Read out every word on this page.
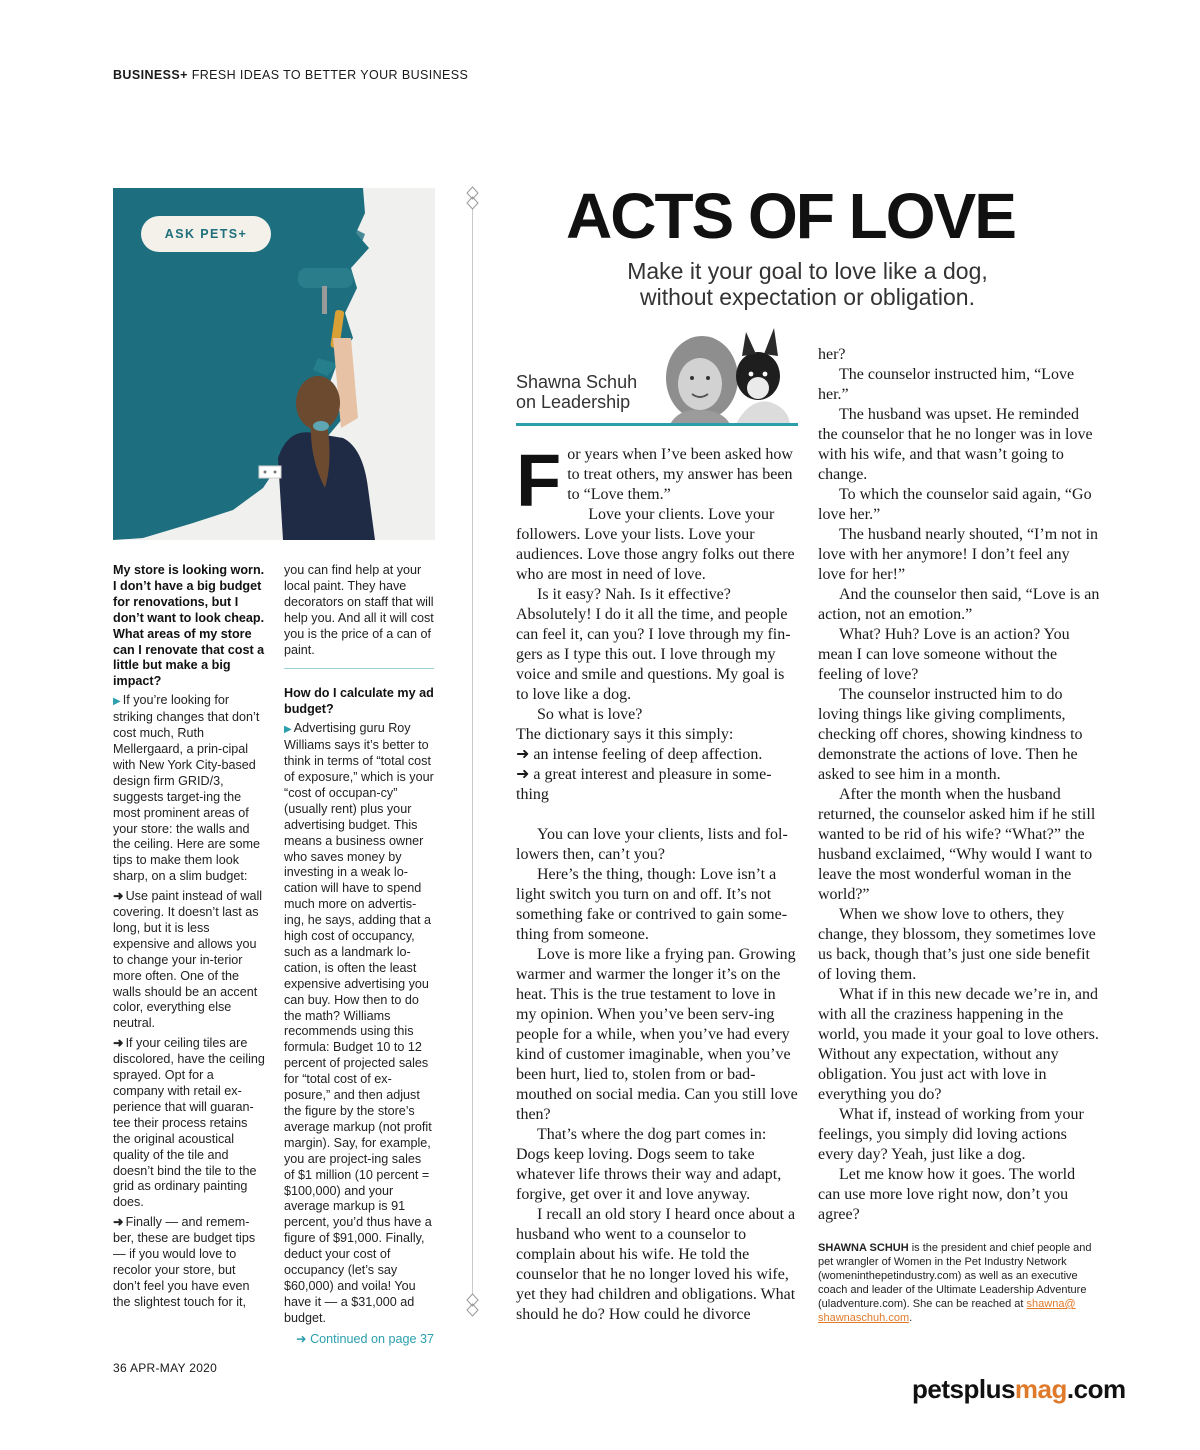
BUSINESS+ FRESH IDEAS TO BETTER YOUR BUSINESS
ASK PETS+

My store is looking worn. I don’t have a big budget for renovations, but I don’t want to look cheap. What areas of my store can I renovate that cost a little but make a big impact?

▶ If you’re looking for striking changes that don’t cost much, Ruth Mellergaard, a prin-cipal with New York City-based design firm GRID/3, suggests target-ing the most prominent areas of your store: the walls and the ceiling. Here are some tips to make them look sharp, on a slim budget:

➜ Use paint instead of wall covering. It doesn’t last as long, but it is less expensive and allows you to change your in-terior more often. One of the walls should be an accent color, everything else neutral.

➜ If your ceiling tiles are discolored, have the ceiling sprayed. Opt for a company with retail ex-perience that will guaran-tee their process retains the original acoustical quality of the tile and doesn’t bind the tile to the grid as ordinary painting does.

➜ Finally — and remem-ber, these are budget tips — if you would love to recolor your store, but don’t feel you have even the slightest touch for it,

you can find help at your local paint. They have decorators on staff that will help you. And all it will cost you is the price of a can of paint.

How do I calculate my ad budget?

▶ Advertising guru Roy Williams says it’s better to think in terms of “total cost of exposure,” which is your “cost of occupan-cy” (usually rent) plus your advertising budget. This means a business owner who saves money by investing in a weak lo-cation will have to spend much more on advertis-ing, he says, adding that a high cost of occupancy, such as a landmark lo-cation, is often the least expensive advertising you can buy. How then to do the math? Williams recommends using this formula: Budget 10 to 12 percent of projected sales for “total cost of ex-posure,” and then adjust the figure by the store’s average markup (not profit margin). Say, for example, you are project-ing sales of $1 million (10 percent = $100,000) and your average markup is 91 percent, you’d thus have a figure of $91,000. Finally, deduct your cost of occupancy (let’s say $60,000) and voila! You have it — a $31,000 ad budget.

➜ Continued on page 37
ACTS OF LOVE
Make it your goal to love like a dog,
without expectation or obligation.
Shawna Schuh
on Leadership

For years when I’ve been asked how to treat others, my answer has been to “Love them.”

Love your clients. Love your followers. Love your lists. Love your audiences. Love those angry folks out there who are most in need of love.

Is it easy? Nah. Is it effective? Absolutely! I do it all the time, and people can feel it, can you? I love through my fin-gers as I type this out. I love through my voice and smile and questions. My goal is to love like a dog.

So what is love?

The dictionary says it this simply:

➜ an intense feeling of deep affection.

➜ a great interest and pleasure in some-thing

You can love your clients, lists and fol-lowers then, can’t you?

Here’s the thing, though: Love isn’t a light switch you turn on and off. It’s not something fake or contrived to gain some-thing from someone.

Love is more like a frying pan. Growing warmer and warmer the longer it’s on the heat. This is the true testament to love in my opinion. When you’ve been serv-ing people for a while, when you’ve had every kind of customer imaginable, when you’ve been hurt, lied to, stolen from or bad-mouthed on social media. Can you still love then?

That’s where the dog part comes in: Dogs keep loving. Dogs seem to take whatever life throws their way and adapt, forgive, get over it and love anyway.

I recall an old story I heard once about a husband who went to a counselor to complain about his wife. He told the counselor that he no longer loved his wife, yet they had children and obligations. What should he do? How could he divorce

her?

The counselor instructed him, “Love her.”

The husband was upset. He reminded the counselor that he no longer was in love with his wife, and that wasn’t going to change.

To which the counselor said again, “Go love her.”

The husband nearly shouted, “I’m not in love with her anymore! I don’t feel any love for her!”

And the counselor then said, “Love is an action, not an emotion.”

What? Huh? Love is an action? You mean I can love someone without the feeling of love?

The counselor instructed him to do loving things like giving compliments, checking off chores, showing kindness to demonstrate the actions of love. Then he asked to see him in a month.

After the month when the husband returned, the counselor asked him if he still wanted to be rid of his wife? “What?” the husband exclaimed, “Why would I want to leave the most wonderful woman in the world?”

When we show love to others, they change, they blossom, they sometimes love us back, though that’s just one side benefit of loving them.

What if in this new decade we’re in, and with all the craziness happening in the world, you made it your goal to love others. Without any expectation, without any obligation. You just act with love in everything you do?

What if, instead of working from your feelings, you simply did loving actions every day? Yeah, just like a dog.

Let me know how it goes. The world can use more love right now, don’t you agree?

SHAWNA SCHUH is the president and chief people and pet wrangler of Women in the Pet Industry Network (womeninthepetindustry.com) as well as an executive coach and leader of the Ultimate Leadership Adventure (uladventure.com). She can be reached at shawna@ shawnaschuh.com.
36 APR-MAY 2020
petsplusmag.com
